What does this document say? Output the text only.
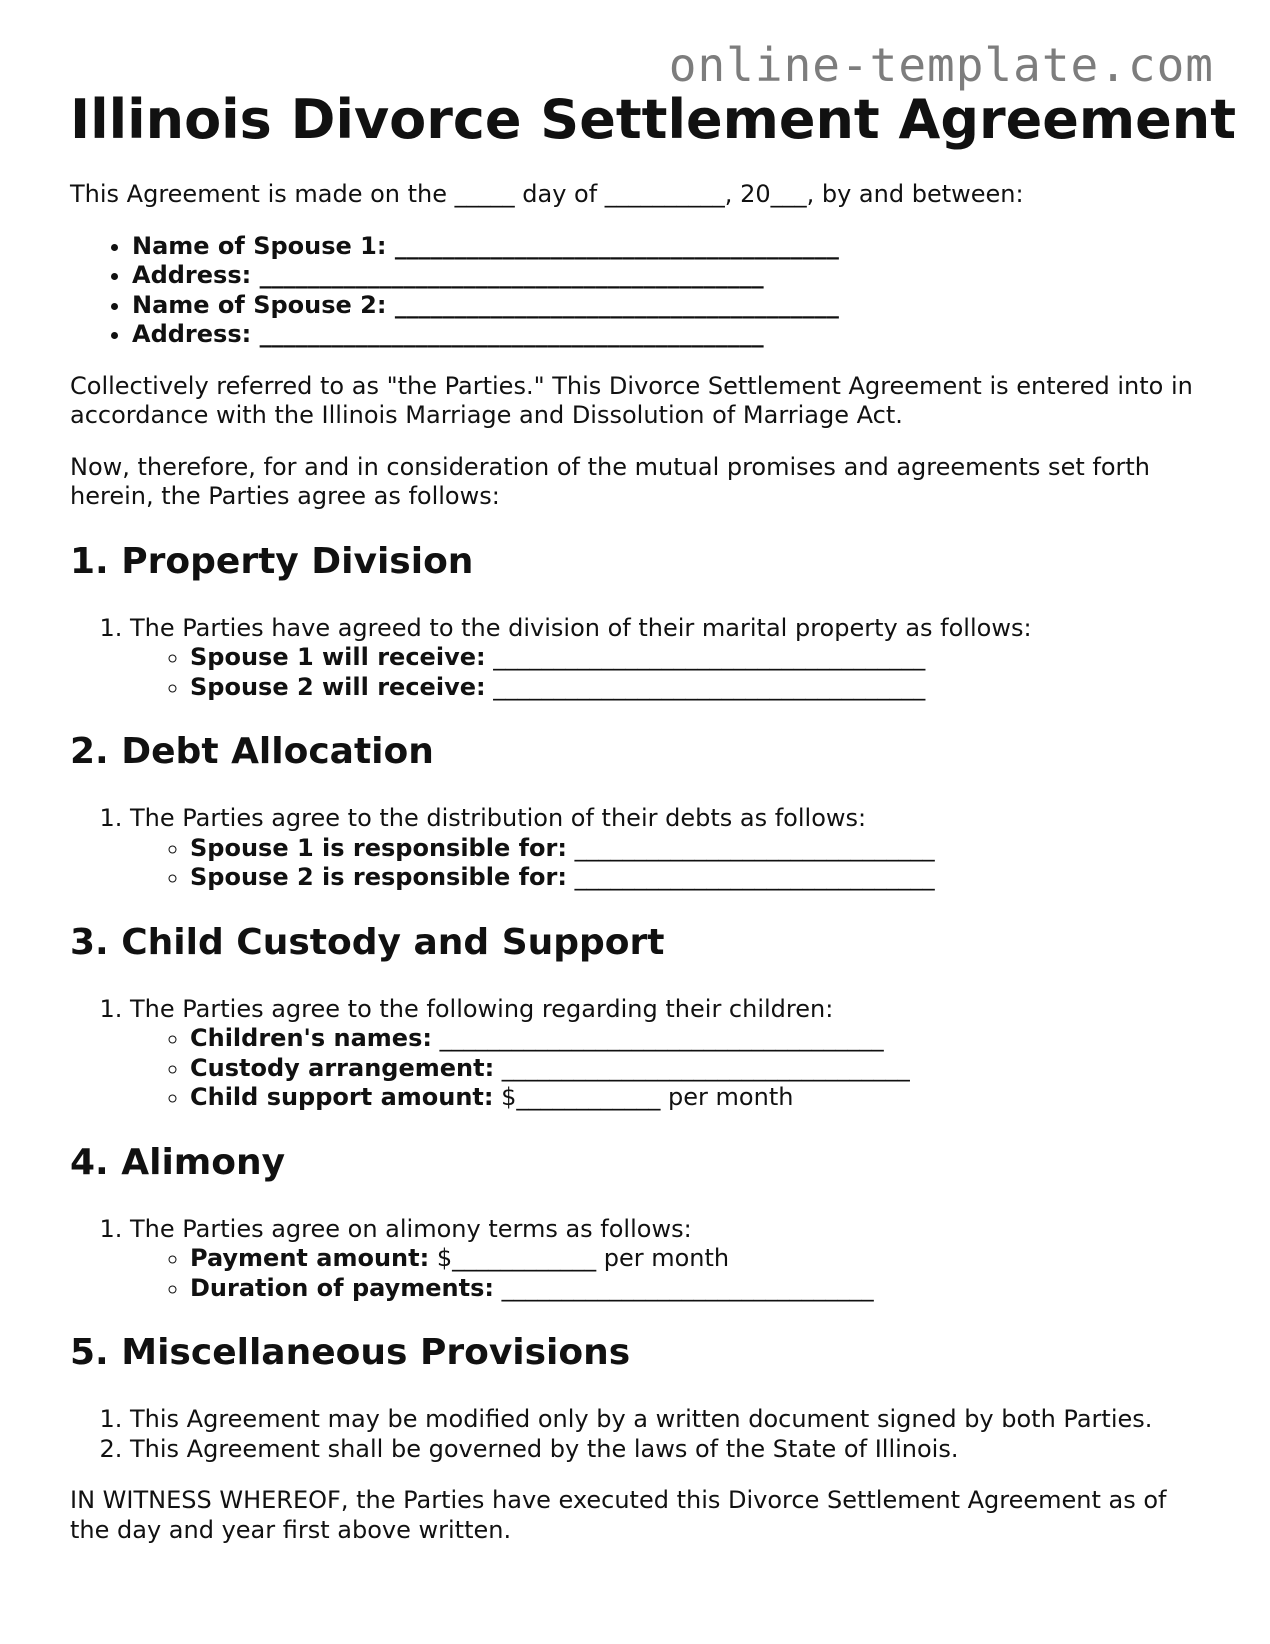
online-template.com
Illinois Divorce Settlement Agreement

This Agreement is made on the _____ day of __________, 20___, by and between:

• Name of Spouse 1: _____________________________________
• Address: __________________________________________
• Name of Spouse 2: _____________________________________
• Address: __________________________________________

Collectively referred to as "the Parties." This Divorce Settlement Agreement is entered into in accordance with the Illinois Marriage and Dissolution of Marriage Act.

Now, therefore, for and in consideration of the mutual promises and agreements set forth herein, the Parties agree as follows:

1. Property Division
1. The Parties have agreed to the division of their marital property as follows:
◦ Spouse 1 will receive: ____________________________________
◦ Spouse 2 will receive: ____________________________________
2. Debt Allocation
1. The Parties agree to the distribution of their debts as follows:
◦ Spouse 1 is responsible for: ______________________________
◦ Spouse 2 is responsible for: ______________________________
3. Child Custody and Support
1. The Parties agree to the following regarding their children:
◦ Children's names: _____________________________________
◦ Custody arrangement: __________________________________
◦ Child support amount: $____________ per month
4. Alimony
1. The Parties agree on alimony terms as follows:
◦ Payment amount: $____________ per month
◦ Duration of payments: _______________________________
5. Miscellaneous Provisions
1. This Agreement may be modified only by a written document signed by both Parties.
2. This Agreement shall be governed by the laws of the State of Illinois.

IN WITNESS WHEREOF, the Parties have executed this Divorce Settlement Agreement as of the day and year first above written.
